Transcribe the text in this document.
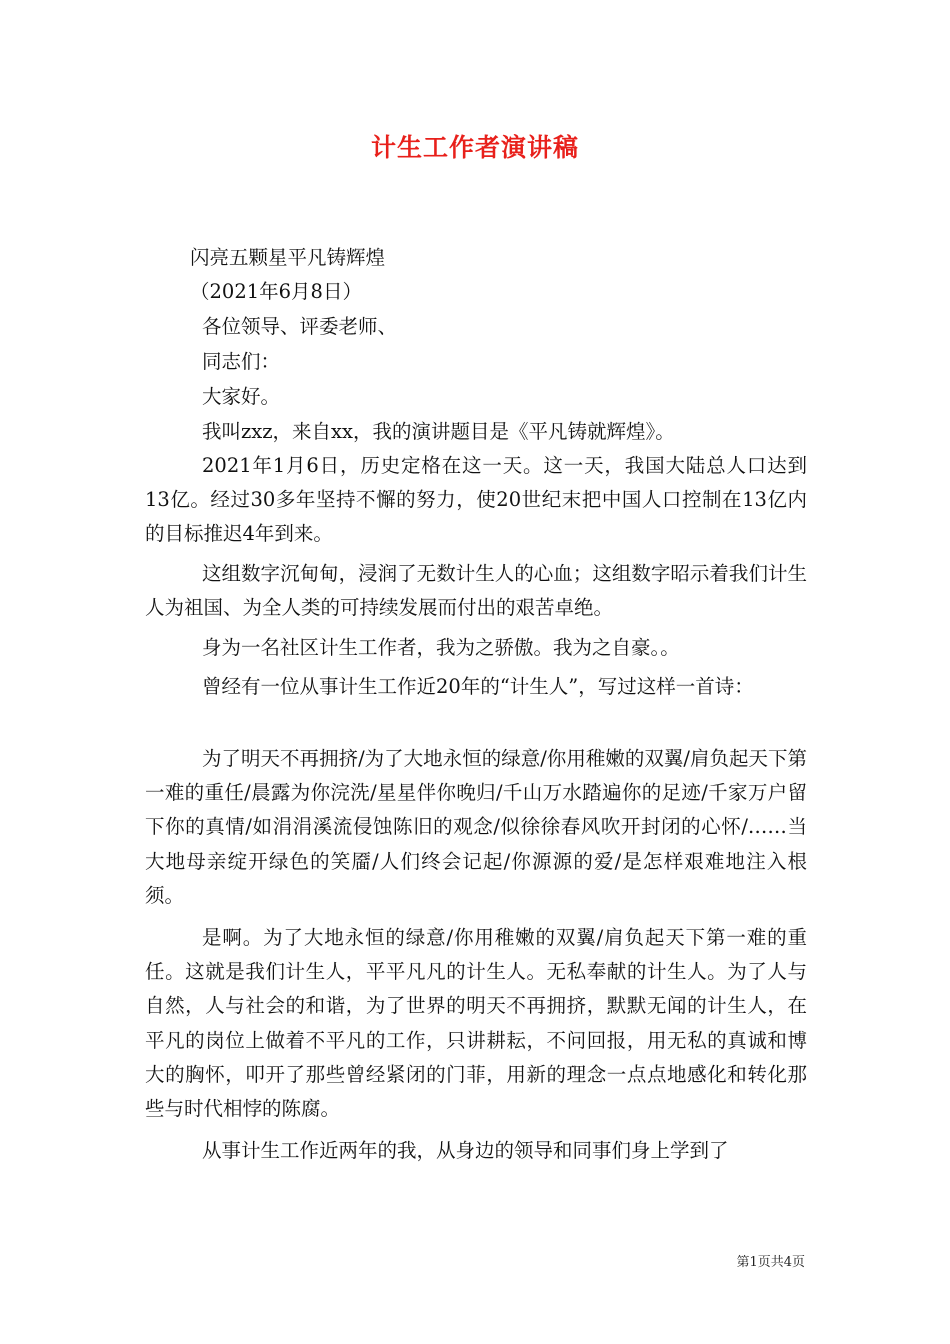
计生工作者演讲稿
闪亮五颗星平凡铸辉煌
（2021年6月8日）
各位领导、评委老师、
同志们：
大家好。
我叫zxz，来自xx，我的演讲题目是《平凡铸就辉煌》。
2021年1月6日，历史定格在这一天。这一天，我国大陆总人口达到13亿。经过30多年坚持不懈的努力，使20世纪末把中国人口控制在13亿内的目标推迟4年到来。
这组数字沉甸甸，浸润了无数计生人的心血；这组数字昭示着我们计生人为祖国、为全人类的可持续发展而付出的艰苦卓绝。
身为一名社区计生工作者，我为之骄傲。我为之自豪。。
曾经有一位从事计生工作近20年的“计生人”，写过这样一首诗：
为了明天不再拥挤/为了大地永恒的绿意/你用稚嫩的双翼/肩负起天下第一难的重任/晨露为你浣洗/星星伴你晚归/千山万水踏遍你的足迹/千家万户留下你的真情/如涓涓溪流侵蚀陈旧的观念/似徐徐春风吹开封闭的心怀/……当大地母亲绽开绿色的笑靥/人们终会记起/你源源的爱/是怎样艰难地注入根须。
是啊。为了大地永恒的绿意/你用稚嫩的双翼/肩负起天下第一难的重任。这就是我们计生人，平平凡凡的计生人。无私奉献的计生人。为了人与自然，人与社会的和谐，为了世界的明天不再拥挤，默默无闻的计生人，在平凡的岗位上做着不平凡的工作，只讲耕耘，不问回报，用无私的真诚和博大的胸怀，叩开了那些曾经紧闭的门菲，用新的理念一点点地感化和转化那些与时代相悖的陈腐。
从事计生工作近两年的我，从身边的领导和同事们身上学到了
第1页共4页
